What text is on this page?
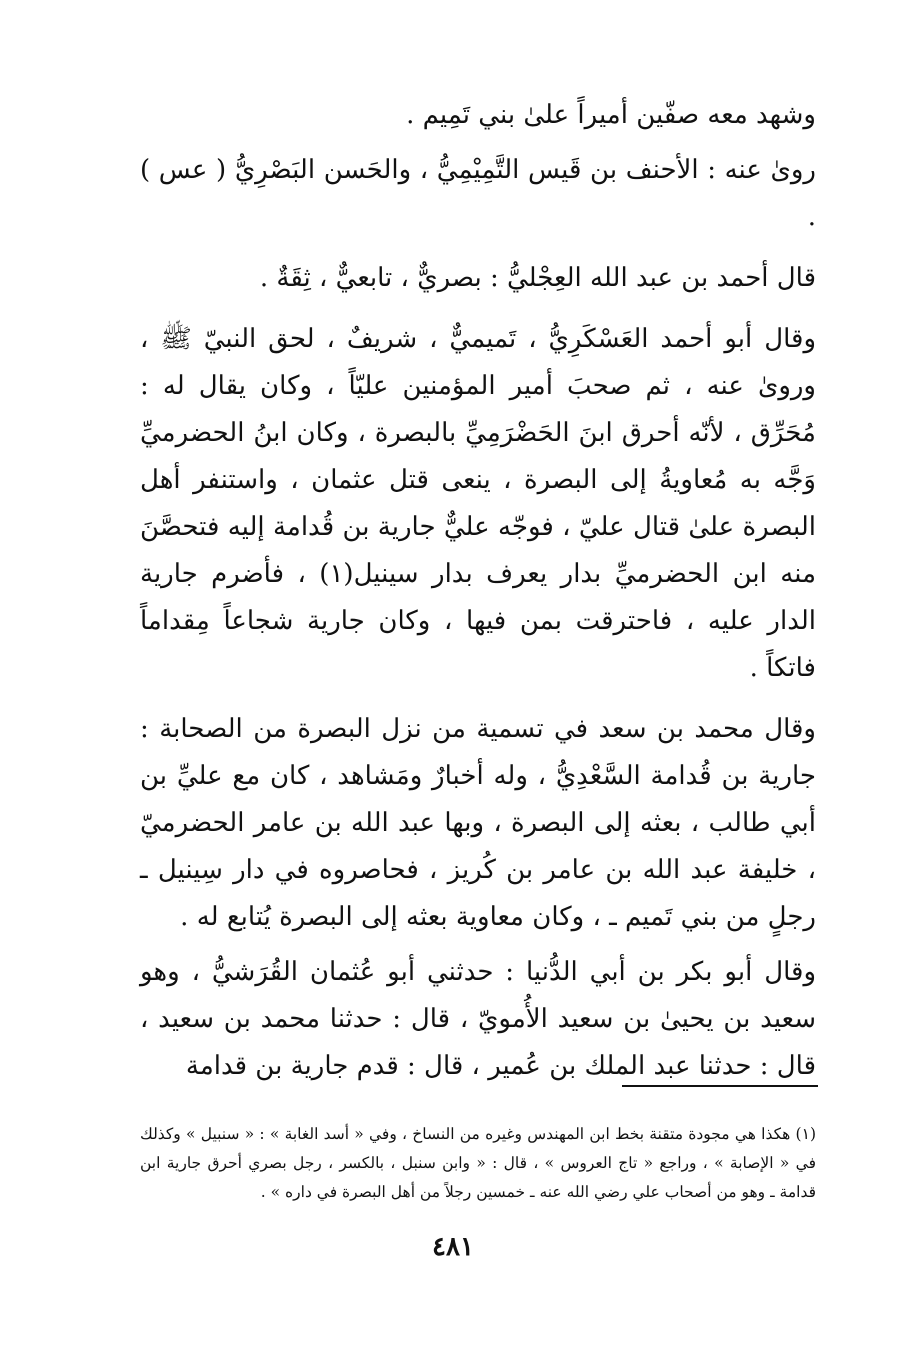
وشهد معه صفّين أميراً علىٰ بني تَمِيم .

روىٰ عنه : الأحنف بن قَيس التَّمِيْمِيُّ ، والحَسن البَصْرِيُّ ( عس ) .

قال أحمد بن عبد الله العِجْليُّ : بصريٌّ ، تابعيٌّ ، ثِقَةٌ .

وقال أبو أحمد العَسْكَرِيُّ ، تَميميٌّ ، شريفٌ ، لحق النبيّ ﷺ ، وروىٰ عنه ، ثم صحبَ أمير المؤمنين عليّاً ، وكان يقال له : مُحَرِّق ، لأنّه أحرق ابنَ الحَضْرَمِيِّ بالبصرة ، وكان ابنُ الحضرميِّ وَجَّه به مُعاويةُ إلى البصرة ، ينعى قتل عثمان ، واستنفر أهل البصرة علىٰ قتال عليّ ، فوجّه عليٌّ جارية بن قُدامة إليه فتحصَّنَ منه ابن الحضرميِّ بدار يعرف بدار سينيل(١) ، فأضرم جارية الدار عليه ، فاحترقت بمن فيها ، وكان جارية شجاعاً مِقداماً فاتكاً .

وقال محمد بن سعد في تسمية من نزل البصرة من الصحابة : جارية بن قُدامة السَّعْدِيُّ ، وله أخبارٌ ومَشاهد ، كان مع عليِّ بن أبي طالب ، بعثه إلى البصرة ، وبها عبد الله بن عامر الحضرميّ ، خليفة عبد الله بن عامر بن كُريز ، فحاصروه في دار سِينيل ـ رجلٍ من بني تَميم ـ ، وكان معاوية بعثه إلى البصرة يُتابع له .

وقال أبو بكر بن أبي الدُّنيا : حدثني أبو عُثمان القُرَشيُّ ، وهو سعيد بن يحيىٰ بن سعيد الأُمويّ ، قال : حدثنا محمد بن سعيد ، قال : حدثنا عبد الملك بن عُمير ، قال : قدم جارية بن قدامة

(١) هكذا هي مجودة متقنة بخط ابن المهندس وغيره من النساخ ، وفي « أسد الغابة » : « سنبيل » وكذلك في « الإصابة » ، وراجع « تاج العروس » ، قال : « وابن سنبل ، بالكسر ، رجل بصري أحرق جارية ابن قدامة ـ وهو من أصحاب علي رضي الله عنه ـ خمسين رجلاً من أهل البصرة في داره » .

٤٨١
